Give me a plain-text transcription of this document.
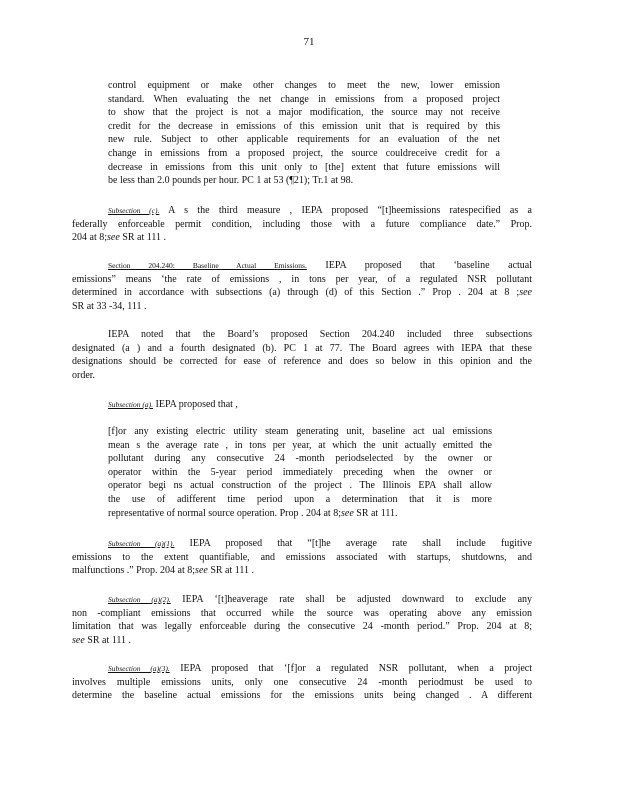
71
control equipment or make other changes to meet the new, lower emission
standard. When evaluating the net change in emissions from a proposed project
to show that the project is not a major modification, the source may not receive
credit for the decrease in emissions of this emission unit that is required by this
new rule. Subject to other applicable requirements for an evaluation of the net
change in emissions from a proposed project, the source couldreceive credit for a
decrease in emissions from this unit only to [the] extent that future emissions will
be less than 2.0 pounds per hour. PC 1 at 53 (¶21); Tr.1 at 98.
Subsection (c). A s the third measure , IEPA proposed “[t]heemissions ratespecified as a
federally enforceable permit condition, including those with a future compliance date.” Prop.
204 at 8;see SR at 111 .
Section 204.240: Baseline Actual Emissions. IEPA proposed that ‘baseline actual
emissions” means ‘the rate of emissions , in tons per year, of a regulated NSR pollutant
determined in accordance with subsections (a) through (d) of this Section .” Prop . 204 at 8 ;see
SR at 33 -34, 111 .
IEPA noted that the Board’s proposed Section 204.240 included three subsections
designated (a ) and a fourth designated (b). PC 1 at 77. The Board agrees with IEPA that these
designations should be corrected for ease of reference and does so below in this opinion and the
order.
Subsection (a). IEPA proposed that ,
[f]or any existing electric utility steam generating unit, baseline act ual emissions
mean s the average rate , in tons per year, at which the unit actually emitted the
pollutant during any consecutive 24 -month periodselected by the owner or
operator within the 5-year period immediately preceding when the owner or
operator begi ns actual construction of the project . The Illinois EPA shall allow
the use of adifferent time period upon a determination that it is more
representative of normal source operation. Prop . 204 at 8;see SR at 111.
Subsection (a)(1). IEPA proposed that “[t]he average rate shall include fugitive
emissions to the extent quantifiable, and emissions associated with startups, shutdowns, and
malfunctions .” Prop. 204 at 8;see SR at 111 .
Subsection (a)(2). IEPA ‘[t]heaverage rate shall be adjusted downward to exclude any
non -compliant emissions that occurred while the source was operating above any emission
limitation that was legally enforceable during the consecutive 24 -month period.” Prop. 204 at 8;
see SR at 111 .
Subsection (a)(3). IEPA proposed that ‘[f]or a regulated NSR pollutant, when a project
involves multiple emissions units, only one consecutive 24 -month periodmust be used to
determine the baseline actual emissions for the emissions units being changed . A different
